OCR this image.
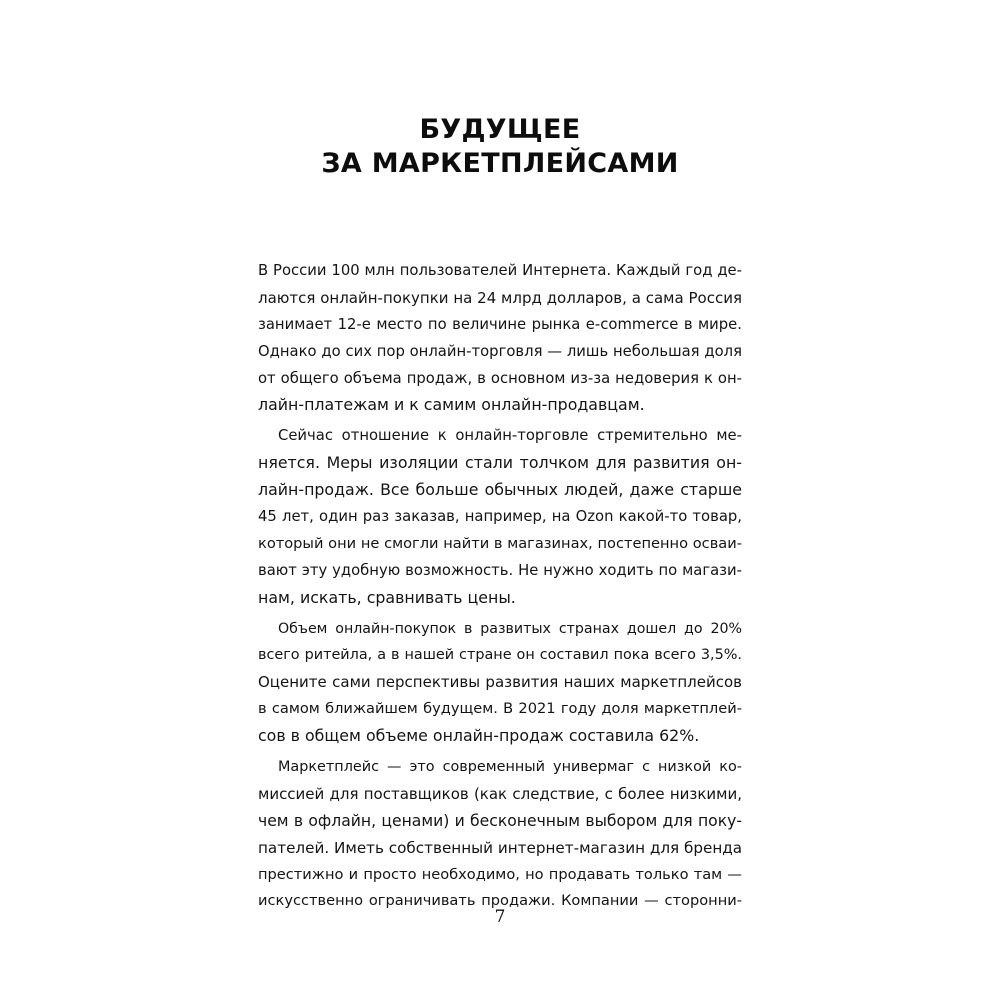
БУДУЩЕЕ
ЗА МАРКЕТПЛЕЙСАМИ
В России 100 млн пользователей Интернета. Каждый год де-
лаются онлайн-покупки на 24 млрд долларов, а сама Россия
занимает 12-е место по величине рынка e-commerce в мире.
Однако до сих пор онлайн-торговля — лишь небольшая доля
от общего объема продаж, в основном из-за недоверия к он-
лайн-платежам и к самим онлайн-продавцам.
Сейчас отношение к онлайн-торговле стремительно ме-
няется. Меры изоляции стали толчком для развития он-
лайн-продаж. Все больше обычных людей, даже старше
45 лет, один раз заказав, например, на Ozon какой-то товар,
который они не смогли найти в магазинах, постепенно осваи-
вают эту удобную возможность. Не нужно ходить по магази-
нам, искать, сравнивать цены.
Объем онлайн-покупок в развитых странах дошел до 20%
всего ритейла, а в нашей стране он составил пока всего 3,5%.
Оцените сами перспективы развития наших маркетплейсов
в самом ближайшем будущем. В 2021 году доля маркетплей-
сов в общем объеме онлайн-продаж составила 62%.
Маркетплейс — это современный универмаг с низкой ко-
миссией для поставщиков (как следствие, с более низкими,
чем в офлайн, ценами) и бесконечным выбором для поку-
пателей. Иметь собственный интернет-магазин для бренда
престижно и просто необходимо, но продавать только там —
искусственно ограничивать продажи. Компании — сторонни-
7
